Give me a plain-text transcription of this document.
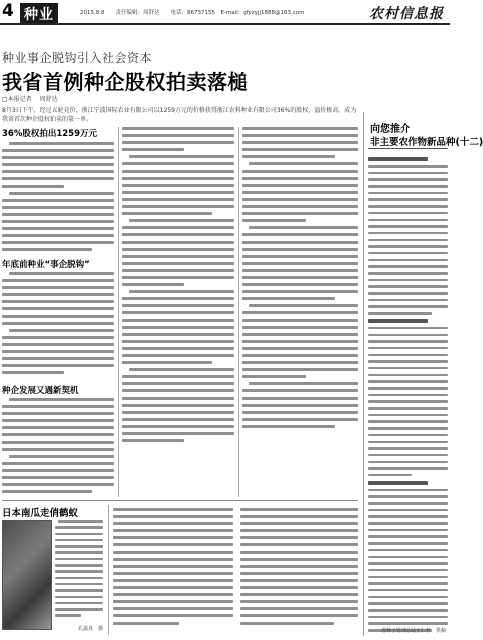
4 种业	2015.8.8　　责任编辑：周舒达　　电话：86737155　E-mail：gfyzyjj1888@163.com	农村信息报
种业事企脱钩引入社会资本
我省首例种企股权拍卖落槌
□本报记者 周舒达
8月3日下午，经过五轮竞价，浙江宁波国际农业有限公司以1259万元的价格获得浙江农科种业有限公司36%的股权，溢价极高，成为我省首次种企股权拍卖的第一单。
36%股权拍出1259万元
年底前种业“事企脱钩”
种企发展又遇新契机
日本南瓜走俏鹤蚁
孔露真　摄
向您推介
非主要农作物新品种(十二)
省种子管理总站王仁杯　供稿
